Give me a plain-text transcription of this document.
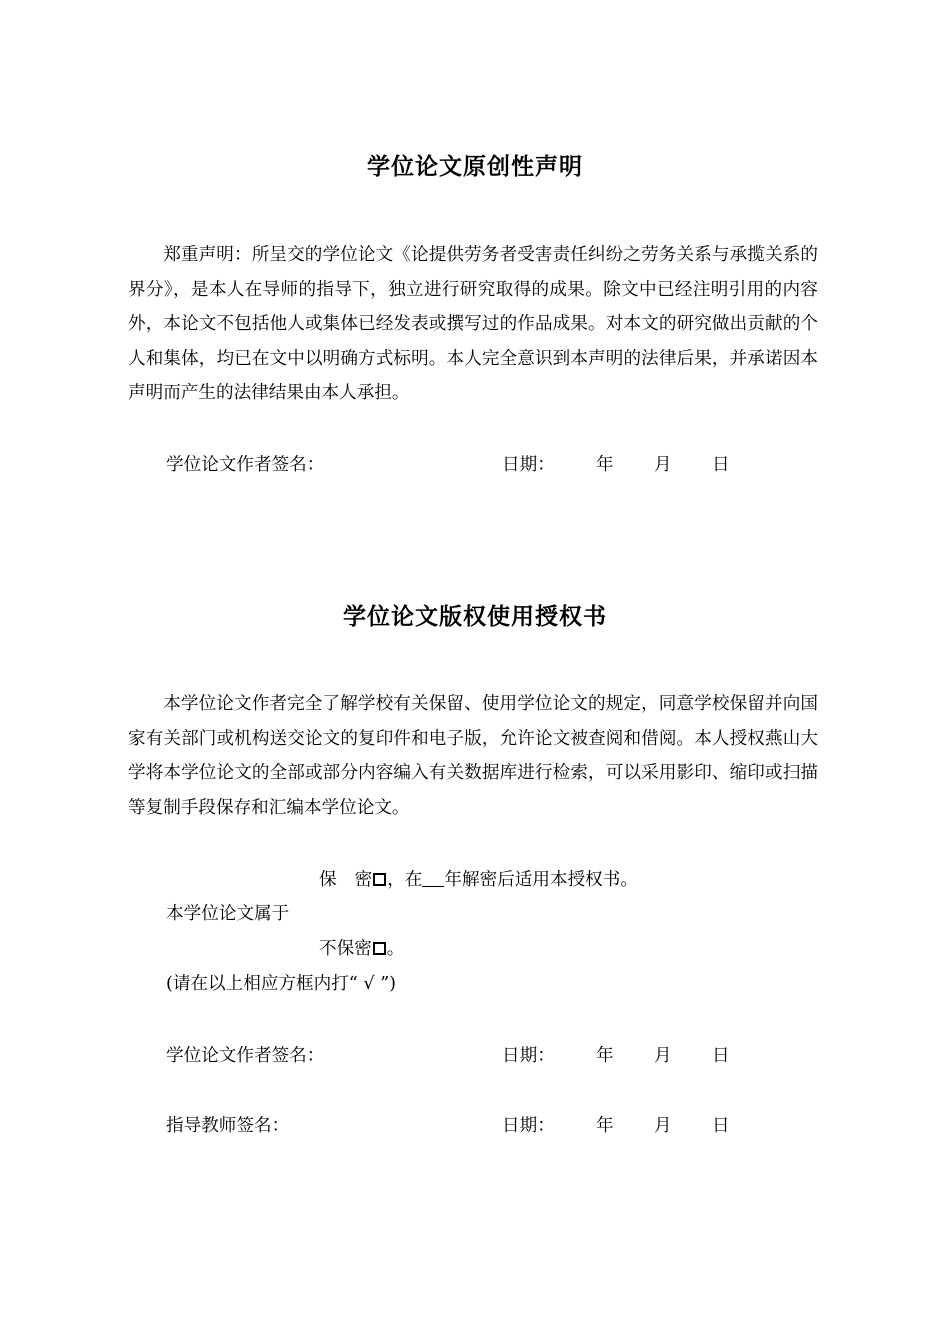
学位论文原创性声明

郑重声明：所呈交的学位论文《论提供劳务者受害责任纠纷之劳务关系与承揽关系的界分》，是本人在导师的指导下，独立进行研究取得的成果。除文中已经注明引用的内容外，本论文不包括他人或集体已经发表或撰写过的作品成果。对本文的研究做出贡献的个人和集体，均已在文中以明确方式标明。本人完全意识到本声明的法律后果，并承诺因本声明而产生的法律结果由本人承担。

学位论文作者签名：	日期： 年 月 日
学位论文版权使用授权书

本学位论文作者完全了解学校有关保留、使用学位论文的规定，同意学校保留并向国家有关部门或机构送交论文的复印件和电子版，允许论文被查阅和借阅。本人授权燕山大学将本学位论文的全部或部分内容编入有关数据库进行检索，可以采用影印、缩印或扫描等复制手段保存和汇编本学位论文。

保 密 ，在 年解密后适用本授权书。
本学位论文属于
不保密 。
(请在以上相应方框内打“ √ ”)
学位论文作者签名：	日期： 年 月 日
指导教师签名：	日期： 年 月 日
